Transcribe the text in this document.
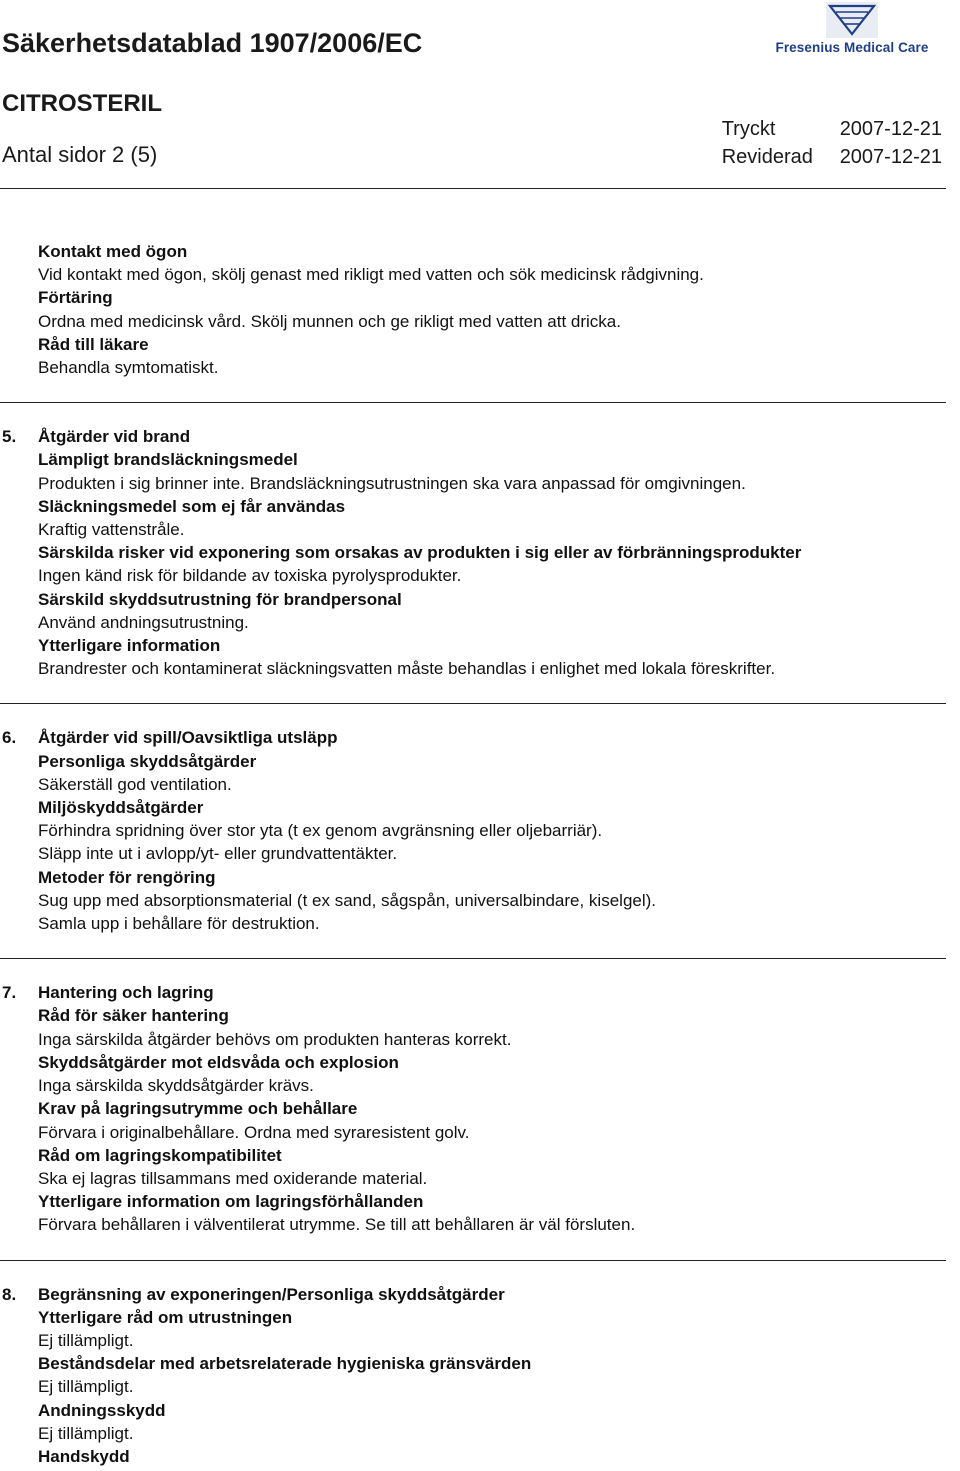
Säkerhetsdatablad 1907/2006/EC
CITROSTERIL
Antal sidor 2 (5)
Tryckt	2007-12-21
Reviderad 2007-12-21
Fresenius Medical Care
Kontakt med ögon
Vid kontakt med ögon, skölj genast med rikligt med vatten och sök medicinsk rådgivning.
Förtäring
Ordna med medicinsk vård. Skölj munnen och ge rikligt med vatten att dricka.
Råd till läkare
Behandla symtomatiskt.
5.	Åtgärder vid brand
Lämpligt brandsläckningsmedel
Produkten i sig brinner inte. Brandsläckningsutrustningen ska vara anpassad för omgivningen.
Släckningsmedel som ej får användas
Kraftig vattenstråle.
Särskilda risker vid exponering som orsakas av produkten i sig eller av förbränningsprodukter
Ingen känd risk för bildande av toxiska pyrolysprodukter.
Särskild skyddsutrustning för brandpersonal
Använd andningsutrustning.
Ytterligare information
Brandrester och kontaminerat släckningsvatten måste behandlas i enlighet med lokala föreskrifter.
6.	Åtgärder vid spill/Oavsiktliga utsläpp
Personliga skyddsåtgärder
Säkerställ god ventilation.
Miljöskyddsåtgärder
Förhindra spridning över stor yta (t ex genom avgränsning eller oljebarriär).
Släpp inte ut i avlopp/yt- eller grundvattentäkter.
Metoder för rengöring
Sug upp med absorptionsmaterial (t ex sand, sågspån, universalbindare, kiselgel).
Samla upp i behållare för destruktion.
7.	Hantering och lagring
Råd för säker hantering
Inga särskilda åtgärder behövs om produkten hanteras korrekt.
Skyddsåtgärder mot eldsvåda och explosion
Inga särskilda skyddsåtgärder krävs.
Krav på lagringsutrymme och behållare
Förvara i originalbehållare. Ordna med syraresistent golv.
Råd om lagringskompatibilitet
Ska ej lagras tillsammans med oxiderande material.
Ytterligare information om lagringsförhållanden
Förvara behållaren i välventilerat utrymme. Se till att behållaren är väl försluten.
8.	Begränsning av exponeringen/Personliga skyddsåtgärder
Ytterligare råd om utrustningen
Ej tillämpligt.
Beståndsdelar med arbetsrelaterade hygieniska gränsvärden
Ej tillämpligt.
Andningsskydd
Ej tillämpligt.
Handskydd
